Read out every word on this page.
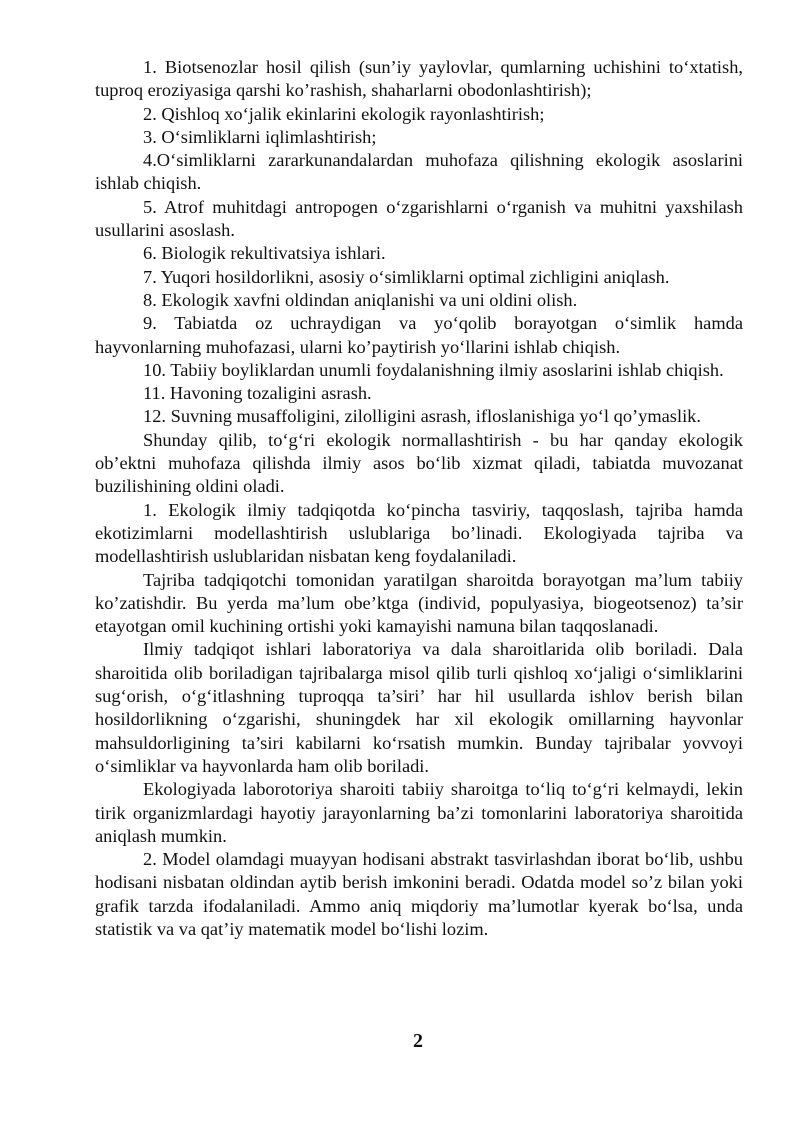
1. Biotsenozlar hosil qilish (sun’iy yaylovlar, qumlarning uchishini to‘xtatish, tuproq eroziyasiga qarshi ko’rashish, shaharlarni obodonlashtirish);

2. Qishloq xo‘jalik ekinlarini ekologik rayonlashtirish;

3. O‘simliklarni iqlimlashtirish;

4.O‘simliklarni zararkunandalardan muhofaza qilishning ekologik asoslarini ishlab chiqish.

5. Atrof muhitdagi antropogen o‘zgarishlarni o‘rganish va muhitni yaxshilash usullarini asoslash.

6. Biologik rekultivatsiya ishlari.

7. Yuqori hosildorlikni, asosiy o‘simliklarni optimal zichligini aniqlash.

8. Ekologik xavfni oldindan aniqlanishi va uni oldini olish.

9. Tabiatda oz uchraydigan va yo‘qolib borayotgan o‘simlik hamda hayvonlarning muhofazasi, ularni ko’paytirish yo‘llarini ishlab chiqish.

10. Tabiiy boyliklardan unumli foydalanishning ilmiy asoslarini ishlab chiqish.

11. Havoning tozaligini asrash.

12. Suvning musaffoligini, zilolligini asrash, ifloslanishiga yo‘l qo’ymaslik.

Shunday qilib, to‘g‘ri ekologik normallashtirish - bu har qanday ekologik ob’ektni muhofaza qilishda ilmiy asos bo‘lib xizmat qiladi, tabiatda muvozanat buzilishining oldini oladi.

1. Ekologik ilmiy tadqiqotda ko‘pincha tasviriy, taqqoslash, tajriba hamda ekotizimlarni modellashtirish uslublariga bo’linadi. Ekologiyada tajriba va modellashtirish uslublaridan nisbatan keng foydalaniladi.

Tajriba tadqiqotchi tomonidan yaratilgan sharoitda borayotgan ma’lum tabiiy ko’zatishdir. Bu yerda ma’lum obe’ktga (individ, populyasiya, biogeotsenoz) ta’sir etayotgan omil kuchining ortishi yoki kamayishi namuna bilan taqqoslanadi.

Ilmiy tadqiqot ishlari laboratoriya va dala sharoitlarida olib boriladi. Dala sharoitida olib boriladigan tajribalarga misol qilib turli qishloq xo‘jaligi o‘simliklarini sug‘orish, o‘g‘itlashning tuproqqa ta’siri’ har hil usullarda ishlov berish bilan hosildorlikning o‘zgarishi, shuningdek har xil ekologik omillarning hayvonlar mahsuldorligining ta’siri kabilarni ko‘rsatish mumkin. Bunday tajribalar yovvoyi o‘simliklar va hayvonlarda ham olib boriladi.

Ekologiyada laborotoriya sharoiti tabiiy sharoitga to‘liq to‘g‘ri kelmaydi, lekin tirik organizmlardagi hayotiy jarayonlarning ba’zi tomonlarini laboratoriya sharoitida aniqlash mumkin.

2. Model olamdagi muayyan hodisani abstrakt tasvirlashdan iborat bo‘lib, ushbu hodisani nisbatan oldindan aytib berish imkonini beradi. Odatda model so’z bilan yoki grafik tarzda ifodalaniladi. Ammo aniq miqdoriy ma’lumotlar kyerak bo‘lsa, unda statistik va va qat’iy matematik model bo‘lishi lozim.

2
